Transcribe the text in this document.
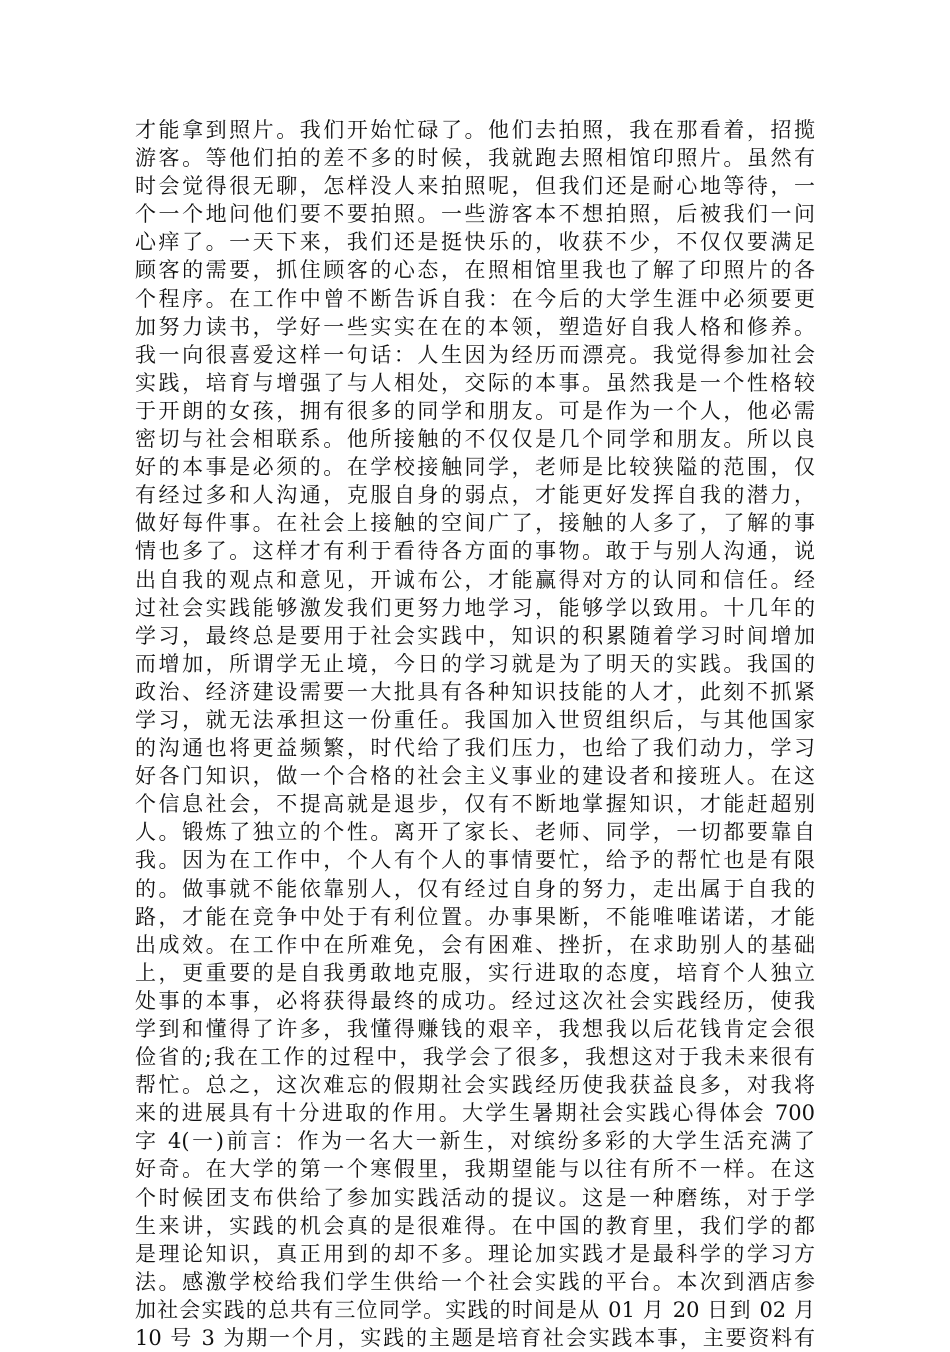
才能拿到照片。我们开始忙碌了。他们去拍照，我在那看着，招揽
游客。等他们拍的差不多的时候，我就跑去照相馆印照片。虽然有
时会觉得很无聊，怎样没人来拍照呢，但我们还是耐心地等待，一
个一个地问他们要不要拍照。一些游客本不想拍照，后被我们一问
心痒了。一天下来，我们还是挺快乐的，收获不少，不仅仅要满足
顾客的需要，抓住顾客的心态，在照相馆里我也了解了印照片的各
个程序。在工作中曾不断告诉自我：在今后的大学生涯中必须要更
加努力读书，学好一些实实在在的本领，塑造好自我人格和修养。
我一向很喜爱这样一句话：人生因为经历而漂亮。我觉得参加社会
实践，培育与增强了与人相处，交际的本事。虽然我是一个性格较
于开朗的女孩，拥有很多的同学和朋友。可是作为一个人，他必需
密切与社会相联系。他所接触的不仅仅是几个同学和朋友。所以良
好的本事是必须的。在学校接触同学，老师是比较狭隘的范围，仅
有经过多和人沟通，克服自身的弱点，才能更好发挥自我的潜力，
做好每件事。在社会上接触的空间广了，接触的人多了，了解的事
情也多了。这样才有利于看待各方面的事物。敢于与别人沟通，说
出自我的观点和意见，开诚布公，才能赢得对方的认同和信任。经
过社会实践能够激发我们更努力地学习，能够学以致用。十几年的
学习，最终总是要用于社会实践中，知识的积累随着学习时间增加
而增加，所谓学无止境，今日的学习就是为了明天的实践。我国的
政治、经济建设需要一大批具有各种知识技能的人才，此刻不抓紧
学习，就无法承担这一份重任。我国加入世贸组织后，与其他国家
的沟通也将更益频繁，时代给了我们压力，也给了我们动力，学习
好各门知识，做一个合格的社会主义事业的建设者和接班人。在这
个信息社会，不提高就是退步，仅有不断地掌握知识，才能赶超别
人。锻炼了独立的个性。离开了家长、老师、同学，一切都要靠自
我。因为在工作中，个人有个人的事情要忙，给予的帮忙也是有限
的。做事就不能依靠别人，仅有经过自身的努力，走出属于自我的
路，才能在竞争中处于有利位置。办事果断，不能唯唯诺诺，才能
出成效。在工作中在所难免，会有困难、挫折，在求助别人的基础
上，更重要的是自我勇敢地克服，实行进取的态度，培育个人独立
处事的本事，必将获得最终的成功。经过这次社会实践经历，使我
学到和懂得了许多，我懂得赚钱的艰辛，我想我以后花钱肯定会很
俭省的;我在工作的过程中，我学会了很多，我想这对于我未来很有
帮忙。总之，这次难忘的假期社会实践经历使我获益良多，对我将
来的进展具有十分进取的作用。大学生暑期社会实践心得体会 700
字 4(一)前言：作为一名大一新生，对缤纷多彩的大学生活充满了
好奇。在大学的第一个寒假里，我期望能与以往有所不一样。在这
个时候团支布供给了参加实践活动的提议。这是一种磨练，对于学
生来讲，实践的机会真的是很难得。在中国的教育里，我们学的都
是理论知识，真正用到的却不多。理论加实践才是最科学的学习方
法。感激学校给我们学生供给一个社会实践的平台。本次到酒店参
加社会实践的总共有三位同学。实践的时间是从 01 月 20 日到 02 月
10 号 3 为期一个月，实践的主题是培育社会实践本事，主要资料有
